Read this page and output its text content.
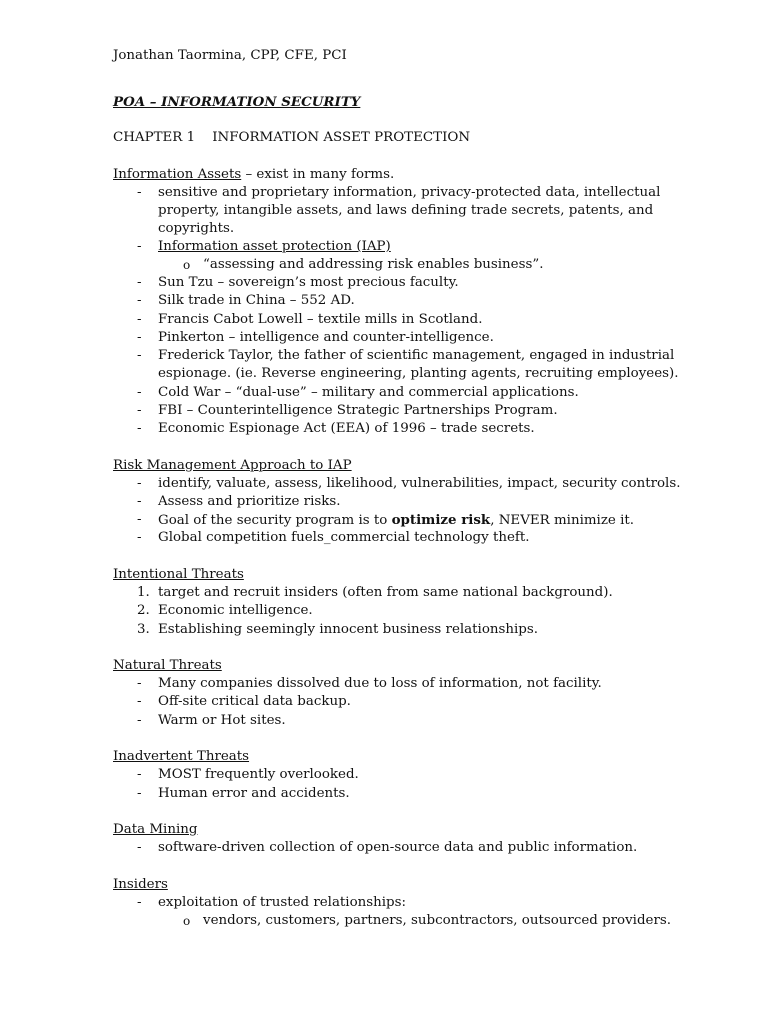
Jonathan Taormina, CPP, CFE, PCI
POA – INFORMATION SECURITY
CHAPTER 1    INFORMATION ASSET PROTECTION
Information Assets – exist in many forms.
- sensitive and proprietary information, privacy-protected data, intellectual
property, intangible assets, and laws defining trade secrets, patents, and
copyrights.
- Information asset protection (IAP)
o “assessing and addressing risk enables business”.
- Sun Tzu – sovereign’s most precious faculty.
- Silk trade in China – 552 AD.
- Francis Cabot Lowell – textile mills in Scotland.
- Pinkerton – intelligence and counter-intelligence.
- Frederick Taylor, the father of scientific management, engaged in industrial
espionage. (ie. Reverse engineering, planting agents, recruiting employees).
- Cold War – “dual-use” – military and commercial applications.
- FBI – Counterintelligence Strategic Partnerships Program.
- Economic Espionage Act (EEA) of 1996 – trade secrets.
Risk Management Approach to IAP
- identify, valuate, assess, likelihood, vulnerabilities, impact, security controls.
- Assess and prioritize risks.
- Goal of the security program is to optimize risk, NEVER minimize it.
- Global competition fuels_commercial technology theft.
Intentional Threats
1. target and recruit insiders (often from same national background).
2. Economic intelligence.
3. Establishing seemingly innocent business relationships.
Natural Threats
- Many companies dissolved due to loss of information, not facility.
- Off-site critical data backup.
- Warm or Hot sites.
Inadvertent Threats
- MOST frequently overlooked.
- Human error and accidents.
Data Mining
- software-driven collection of open-source data and public information.
Insiders
- exploitation of trusted relationships:
o vendors, customers, partners, subcontractors, outsourced providers.
